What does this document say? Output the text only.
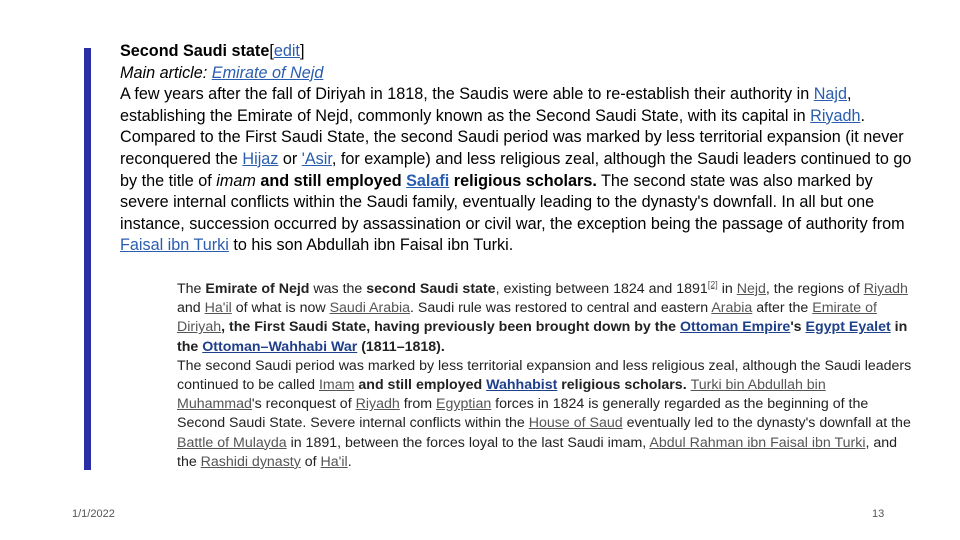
Second Saudi state[edit]

Main article: Emirate of Nejd

A few years after the fall of Diriyah in 1818, the Saudis were able to re-establish their authority in Najd, establishing the Emirate of Nejd, commonly known as the Second Saudi State, with its capital in Riyadh.

Compared to the First Saudi State, the second Saudi period was marked by less territorial expansion (it never reconquered the Hijaz or 'Asir, for example) and less religious zeal, although the Saudi leaders continued to go by the title of imam and still employed Salafi religious scholars. The second state was also marked by severe internal conflicts within the Saudi family, eventually leading to the dynasty's downfall. In all but one instance, succession occurred by assassination or civil war, the exception being the passage of authority from Faisal ibn Turki to his son Abdullah ibn Faisal ibn Turki.

The Emirate of Nejd was the second Saudi state, existing between 1824 and 1891[2] in Nejd, the regions of Riyadh and Ha'il of what is now Saudi Arabia. Saudi rule was restored to central and eastern Arabia after the Emirate of Diriyah, the First Saudi State, having previously been brought down by the Ottoman Empire's Egypt Eyalet in the Ottoman–Wahhabi War (1811–1818).

The second Saudi period was marked by less territorial expansion and less religious zeal, although the Saudi leaders continued to be called Imam and still employed Wahhabist religious scholars. Turki bin Abdullah bin Muhammad's reconquest of Riyadh from Egyptian forces in 1824 is generally regarded as the beginning of the Second Saudi State. Severe internal conflicts within the House of Saud eventually led to the dynasty's downfall at the Battle of Mulayda in 1891, between the forces loyal to the last Saudi imam, Abdul Rahman ibn Faisal ibn Turki, and the Rashidi dynasty of Ha'il.

1/1/2022	13
